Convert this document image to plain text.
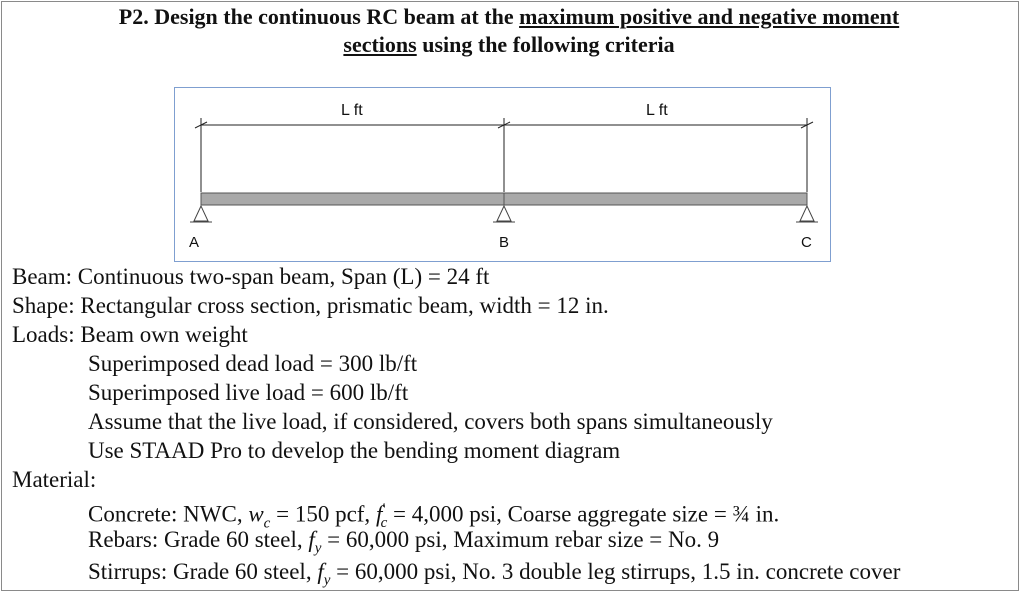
P2. Design the continuous RC beam at the maximum positive and negative moment
sections using the following criteria
L ft	L ft
A	B	C
Beam: Continuous two-span beam, Span (L) = 24 ft
Shape: Rectangular cross section, prismatic beam, width = 12 in.
Loads: Beam own weight
Superimposed dead load = 300 lb/ft
Superimposed live load = 600 lb/ft
Assume that the live load, if considered, covers both spans simultaneously
Use STAAD Pro to develop the bending moment diagram
Material:
Concrete: NWC, $w_c = 150$ pcf, $f'_c = 4,000$ psi, Coarse aggregate size = ¾ in.
Rebars: Grade 60 steel, $f_y = 60,000$ psi, Maximum rebar size = No. 9
Stirrups: Grade 60 steel, $f_y = 60,000$ psi, No. 3 double leg stirrups, 1.5 in. concrete cover
